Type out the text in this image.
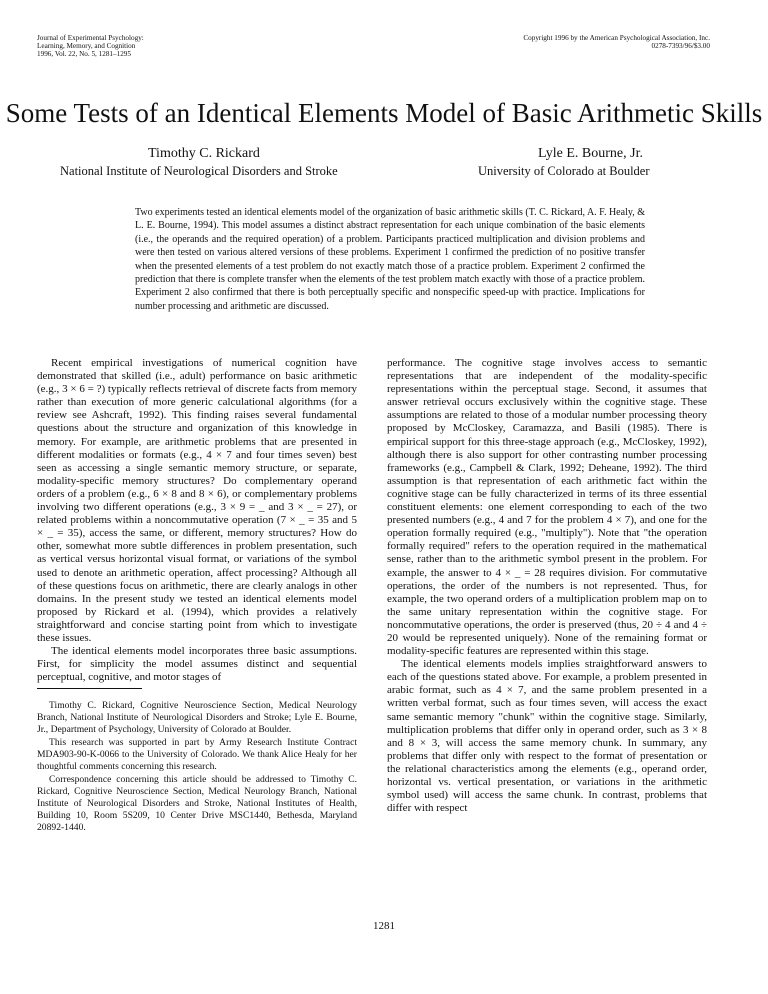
Journal of Experimental Psychology:
Learning, Memory, and Cognition
1996, Vol. 22, No. 5, 1281–1295
Copyright 1996 by the American Psychological Association, Inc.
0278-7393/96/$3.00
Some Tests of an Identical Elements Model of Basic Arithmetic Skills
Timothy C. Rickard
National Institute of Neurological Disorders and Stroke
Lyle E. Bourne, Jr.
University of Colorado at Boulder

Two experiments tested an identical elements model of the organization of basic arithmetic skills (T. C. Rickard, A. F. Healy, & L. E. Bourne, 1994). This model assumes a distinct abstract representation for each unique combination of the basic elements (i.e., the operands and the required operation) of a problem. Participants practiced multiplication and division problems and were then tested on various altered versions of these problems. Experiment 1 confirmed the prediction of no positive transfer when the presented elements of a test problem do not exactly match those of a practice problem. Experiment 2 confirmed the prediction that there is complete transfer when the elements of the test problem match exactly with those of a practice problem. Experiment 2 also confirmed that there is both perceptually specific and nonspecific speed-up with practice. Implications for number processing and arithmetic are discussed.

Recent empirical investigations of numerical cognition have demonstrated that skilled (i.e., adult) performance on basic arithmetic (e.g., 3 × 6 = ?) typically reflects retrieval of discrete facts from memory rather than execution of more generic calculational algorithms (for a review see Ashcraft, 1992). This finding raises several fundamental questions about the structure and organization of this knowledge in memory. For example, are arithmetic problems that are presented in different modalities or formats (e.g., 4 × 7 and four times seven) best seen as accessing a single semantic memory structure, or separate, modality-specific memory structures? Do complementary operand orders of a problem (e.g., 6 × 8 and 8 × 6), or complementary problems involving two different operations (e.g., 3 × 9 = _ and 3 × _ = 27), or related problems within a noncommutative operation (7 × _ = 35 and 5 × _ = 35), access the same, or different, memory structures? How do other, somewhat more subtle differences in problem presentation, such as vertical versus horizontal visual format, or variations of the symbol used to denote an arithmetic operation, affect processing? Although all of these questions focus on arithmetic, there are clearly analogs in other domains. In the present study we tested an identical elements model proposed by Rickard et al. (1994), which provides a relatively straightforward and concise starting point from which to investigate these issues.

The identical elements model incorporates three basic assumptions. First, for simplicity the model assumes distinct and sequential perceptual, cognitive, and motor stages of

Timothy C. Rickard, Cognitive Neuroscience Section, Medical Neurology Branch, National Institute of Neurological Disorders and Stroke; Lyle E. Bourne, Jr., Department of Psychology, University of Colorado at Boulder.

This research was supported in part by Army Research Institute Contract MDA903-90-K-0066 to the University of Colorado. We thank Alice Healy for her thoughtful comments concerning this research.

Correspondence concerning this article should be addressed to Timothy C. Rickard, Cognitive Neuroscience Section, Medical Neurology Branch, National Institute of Neurological Disorders and Stroke, National Institutes of Health, Building 10, Room 5S209, 10 Center Drive MSC1440, Bethesda, Maryland 20892-1440.

performance. The cognitive stage involves access to semantic representations that are independent of the modality-specific representations within the perceptual stage. Second, it assumes that answer retrieval occurs exclusively within the cognitive stage. These assumptions are related to those of a modular number processing theory proposed by McCloskey, Caramazza, and Basili (1985). There is empirical support for this three-stage approach (e.g., McCloskey, 1992), although there is also support for other contrasting number processing frameworks (e.g., Campbell & Clark, 1992; Deheane, 1992). The third assumption is that representation of each arithmetic fact within the cognitive stage can be fully characterized in terms of its three essential constituent elements: one element corresponding to each of the two presented numbers (e.g., 4 and 7 for the problem 4 × 7), and one for the operation formally required (e.g., "multiply"). Note that "the operation formally required" refers to the operation required in the mathematical sense, rather than to the arithmetic symbol present in the problem. For example, the answer to 4 × _ = 28 requires division. For commutative operations, the order of the numbers is not represented. Thus, for example, the two operand orders of a multiplication problem map on to the same unitary representation within the cognitive stage. For noncommutative operations, the order is preserved (thus, 20 ÷ 4 and 4 ÷ 20 would be represented uniquely). None of the remaining format or modality-specific features are represented within this stage.

The identical elements models implies straightforward answers to each of the questions stated above. For example, a problem presented in arabic format, such as 4 × 7, and the same problem presented in a written verbal format, such as four times seven, will access the exact same semantic memory "chunk" within the cognitive stage. Similarly, multiplication problems that differ only in operand order, such as 3 × 8 and 8 × 3, will access the same memory chunk. In summary, any problems that differ only with respect to the format of presentation or the relational characteristics among the elements (e.g., operand order, horizontal vs. vertical presentation, or variations in the arithmetic symbol used) will access the same chunk. In contrast, problems that differ with respect

1281
